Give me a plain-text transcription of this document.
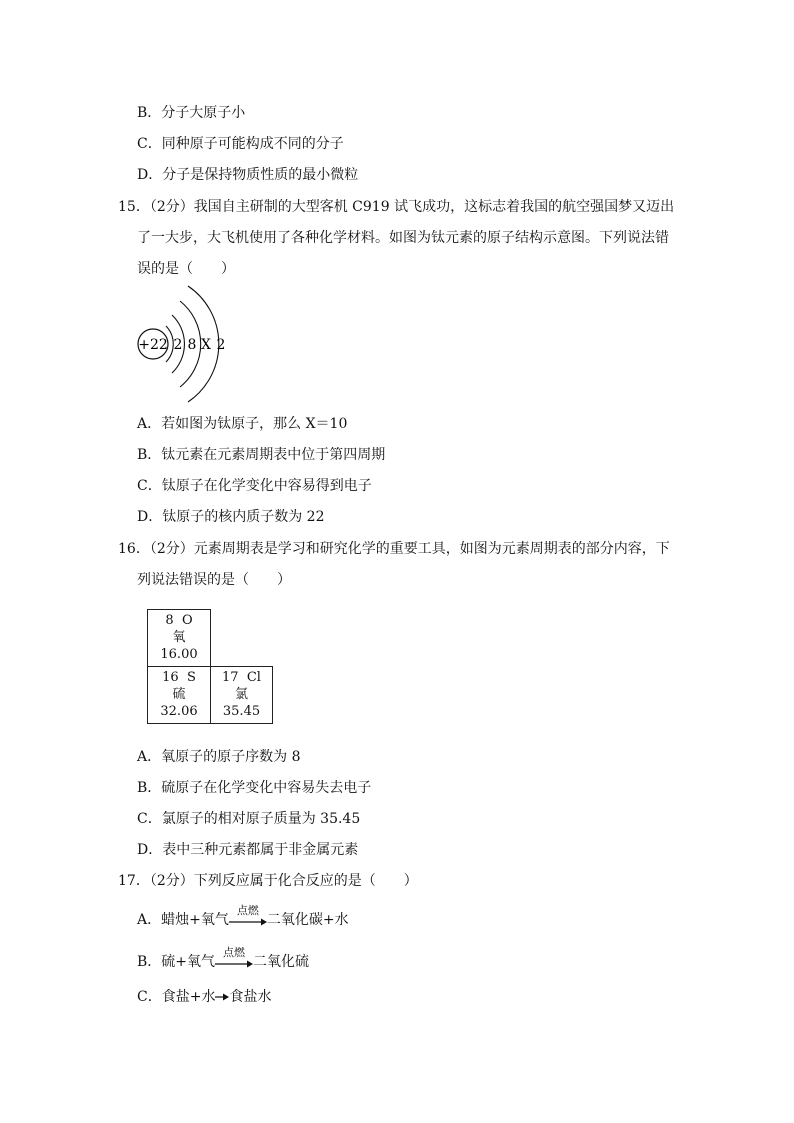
B．分子大原子小
C．同种原子可能构成不同的分子
D．分子是保持物质性质的最小微粒
15．（2分）我国自主研制的大型客机 C919 试飞成功，这标志着我国的航空强国梦又迈出
了一大步，大飞机使用了各种化学材料。如图为钛元素的原子结构示意图。下列说法错
误的是（　　）
+22 2 8 X 2
A．若如图为钛原子，那么 X＝10
B．钛元素在元素周期表中位于第四周期
C．钛原子在化学变化中容易得到电子
D．钛原子的核内质子数为 22
16．（2分）元素周期表是学习和研究化学的重要工具，如图为元素周期表的部分内容，下
列说法错误的是（　　）
8 O
氧
16.00
16 S
硫
32.06
17 Cl
氯
35.45
A．氧原子的原子序数为 8
B．硫原子在化学变化中容易失去电子
C．氯原子的相对原子质量为 35.45
D．表中三种元素都属于非金属元素
17．（2分）下列反应属于化合反应的是（　　）
A．蜡烛+氧气
点燃
二氧化碳+水
B．硫+氧气
点燃
二氧化硫
C．食盐+水 食盐水
